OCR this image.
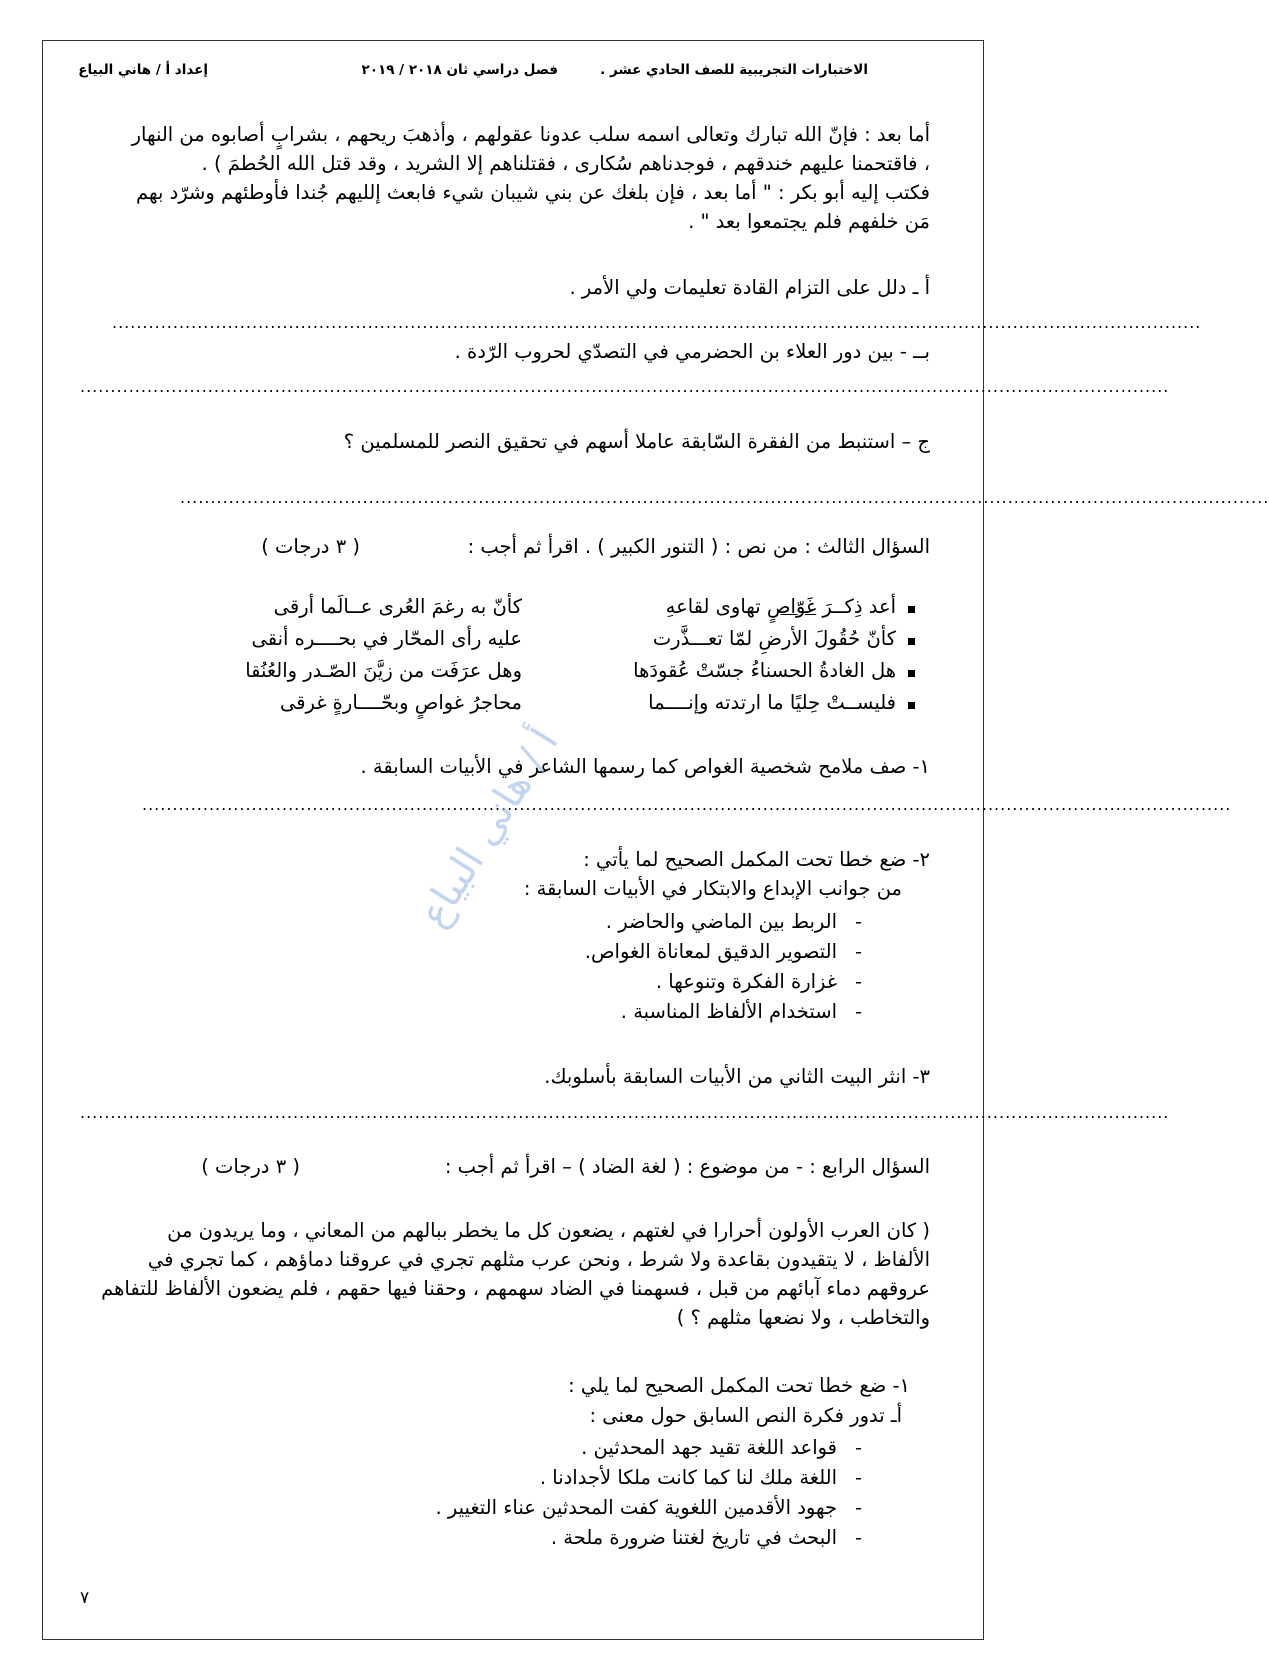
الاختبارات التجريبية للصف الحادي عشر .
فصل دراسي ثان ٢٠١٨ / ٢٠١٩
إعداد أ / هاني البياع
أما بعد : فإنّ الله تبارك وتعالى اسمه سلب عدونا عقولهم ، وأذهبَ ريحهم ، بشرابٍ أصابوه من النهار
، فاقتحمنا عليهم خندقهم ، فوجدناهم سُكارى ، فقتلناهم إلا الشريد ، وقد قتل الله الحُطمَ ) .
فكتب إليه أبو بكر : " أما بعد ، فإن بلغك عن بني شيبان شيء فابعث إلليهم جُندا فأوطئهم وشرّد بهم
مَن خلفهم فلم يجتمعوا بعد " .
أ ـ دلل على التزام القادة تعليمات ولي الأمر .
...................................................................................................................................................................................
بــ - بين دور العلاء بن الحضرمي في التصدّي لحروب الرّدة .
...................................................................................................................................................................................
ج – استنبط من الفقرة السّابقة عاملا أسهم في تحقيق النصر للمسلمين ؟
...................................................................................................................................................................................
السؤال الثالث : من نص : ( التنور الكبير ) . اقرأ ثم أجب :
( ٣ درجات )
أعد ذِكــرَ غَوّاصٍ تهاوى لقاعهِ
كأنّ به رغمَ العُرى عــالَما أرقى
كأنّ حُقُولَ الأرضِ لمّا تعـــذَّرت
عليه رأى المحّار في بحــــره أنقى
هل الغادةُ الحسناءُ جسّتْ عُقودَها
وهل عرَفَت من زيَّنَ الصّـدر والعُنُقا
فليســتْ حِليًا ما ارتدته وإنــــما
محاجرُ غواصٍ وبحّــــارةٍ غرقى
١- صف ملامح شخصية الغواص كما رسمها الشاعر في الأبيات السابقة .
...................................................................................................................................................................................
٢- ضع خطا تحت المكمل الصحيح لما يأتي :
من جوانب الإبداع والابتكار في الأبيات السابقة :
-   الربط بين الماضي والحاضر .
-   التصوير الدقيق لمعاناة الغواص.
-   غزارة الفكرة وتنوعها .
-   استخدام الألفاظ المناسبة .
٣- انثر البيت الثاني من الأبيات السابقة بأسلوبك.
...................................................................................................................................................................................
السؤال الرابع : - من موضوع : ( لغة الضاد ) – اقرأ ثم أجب :
( ٣ درجات )
( كان العرب الأولون أحرارا في لغتهم ، يضعون كل ما يخطر ببالهم من المعاني ، وما يريدون من
الألفاظ ، لا يتقيدون بقاعدة ولا شرط ، ونحن عرب مثلهم تجري في عروقنا دماؤهم ، كما تجري في
عروقهم دماء آبائهم من قبل ، فسهمنا في الضاد سهمهم ، وحقنا فيها حقهم ، فلم يضعون الألفاظ للتفاهم
والتخاطب ، ولا نضعها مثلهم ؟ )
١- ضع خطا تحت المكمل الصحيح لما يلي :
أـ تدور فكرة النص السابق حول معنى :
-   قواعد اللغة تقيد جهد المحدثين .
-   اللغة ملك لنا كما كانت ملكا لأجدادنا .
-   جهود الأقدمين اللغوية كفت المحدثين عناء التغيير .
-   البحث في تاريخ لغتنا ضرورة ملحة .
أ / هاني البياع
٧
